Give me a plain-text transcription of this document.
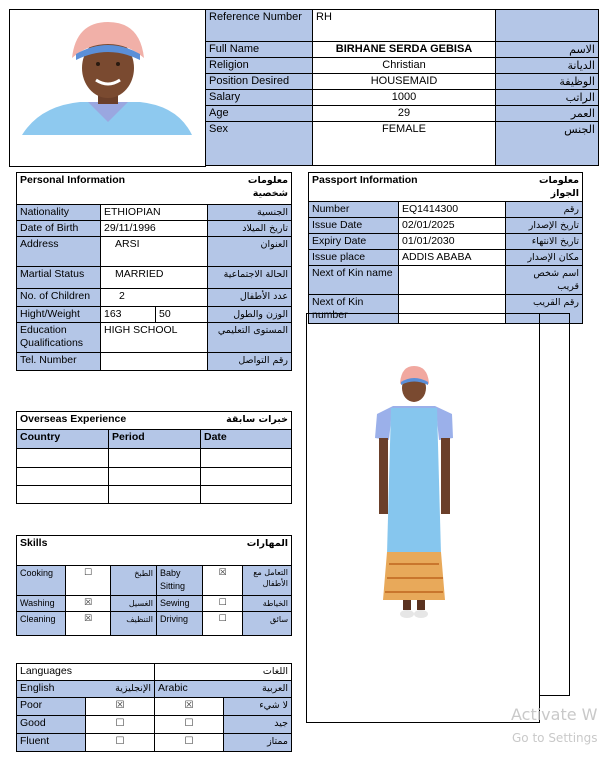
Reference Number	RH	
Full Name	BIRHANE SERDA GEBISA	الاسم
Religion	Christian	الديانة
Position Desired	HOUSEMAID	الوظيفة
Salary	1000	الراتب
Age	29	العمر
Sex	FEMALE	الجنس
Personal Information			معلومات شخصية
Nationality	ETHIOPIAN		الجنسية
Date of Birth	29/11/1996		تاريخ الميلاد
Address	ARSI		العنوان
Martial Status	MARRIED		الحالة الاجتماعية
No. of Children	2		عدد الأطفال
Hight/Weight	163	50	الوزن والطول
Education Qualifications	HIGH SCHOOL		المستوى التعليمي
Tel. Number			رقم التواصل
Passport Information		معلومات الجواز
Number	EQ1414300	رقم
Issue Date	02/01/2025	تاريخ الإصدار
Expiry Date	01/01/2030	تاريخ الانتهاء
Issue place	ADDIS ABABA	مكان الإصدار
Next of Kin name		اسم شخص قريب
Next of Kin number		رقم القريب
Overseas Experience		خبرات سابقة
Country	Period	Date

Skills					المهارات
Cooking	☐	الطبخ	Baby Sitting	☒	التعامل مع الأطفال
Washing	☒	الغسيل	Sewing	☐	الخياطة
Cleaning	☒	التنظيف	Driving	☐	سائق
Languages		اللغات	
English	الإنجليزية	Arabic	العربية
Poor	☒	☒	لا شيء
Good	☐	☐	جيد
Fluent	☐	☐	ممتاز
Activate W
Go to Settings
